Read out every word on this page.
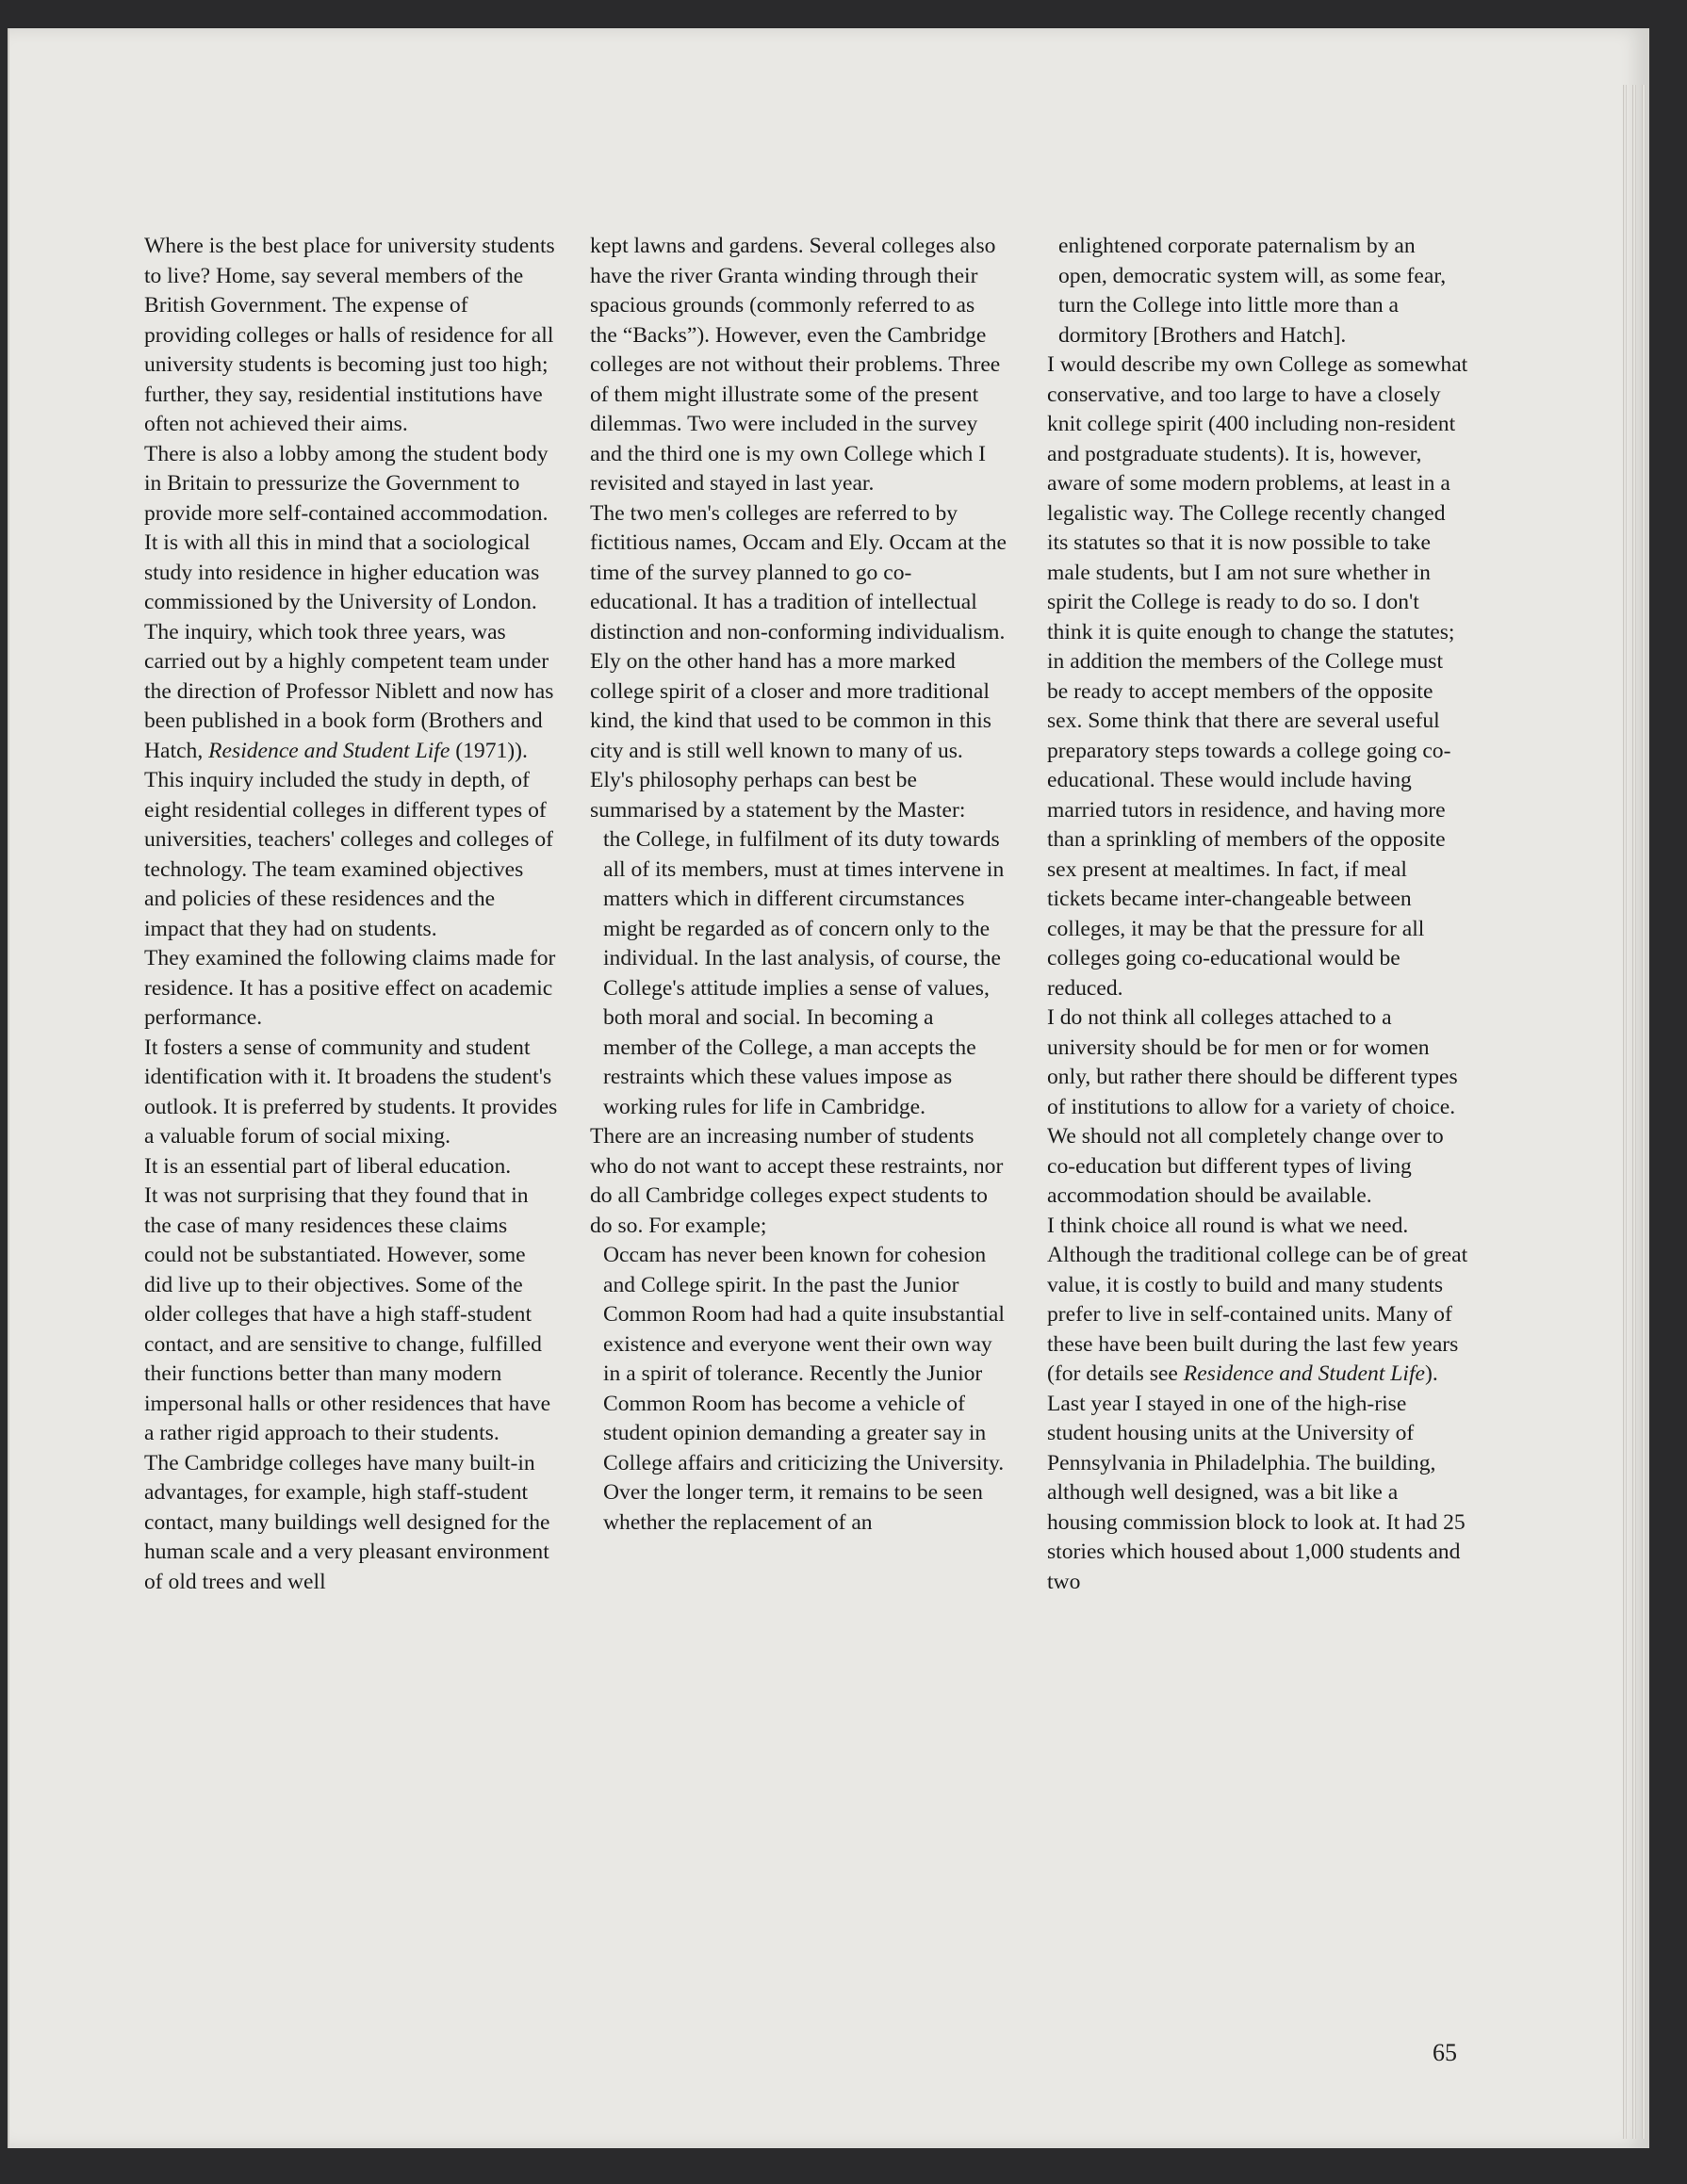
Where is the best place for university students to live? Home, say several members of the British Government. The expense of providing colleges or halls of residence for all university students is becoming just too high; further, they say, residential institutions have often not achieved their aims.

There is also a lobby among the student body in Britain to pressurize the Government to provide more self-contained accommodation. It is with all this in mind that a sociological study into residence in higher education was commissioned by the University of London. The inquiry, which took three years, was carried out by a highly competent team under the direction of Professor Niblett and now has been published in a book form (Brothers and Hatch, Residence and Student Life (1971)).

This inquiry included the study in depth, of eight residential colleges in different types of universities, teachers' colleges and colleges of technology. The team examined objectives and policies of these residences and the impact that they had on students.

They examined the following claims made for residence. It has a positive effect on academic performance.

It fosters a sense of community and student identification with it. It broadens the student's outlook. It is preferred by students. It provides a valuable forum of social mixing.

It is an essential part of liberal education.

It was not surprising that they found that in the case of many residences these claims could not be substantiated. However, some did live up to their objectives. Some of the older colleges that have a high staff-student contact, and are sensitive to change, fulfilled their functions better than many modern impersonal halls or other residences that have a rather rigid approach to their students.

The Cambridge colleges have many built-in advantages, for example, high staff-student contact, many buildings well designed for the human scale and a very pleasant environment of old trees and well

kept lawns and gardens. Several colleges also have the river Granta winding through their spacious grounds (commonly referred to as the “Backs”). However, even the Cambridge colleges are not without their problems. Three of them might illustrate some of the present dilemmas. Two were included in the survey and the third one is my own College which I revisited and stayed in last year.

The two men's colleges are referred to by fictitious names, Occam and Ely. Occam at the time of the survey planned to go co-educational. It has a tradition of intellectual distinction and non-conforming individualism. Ely on the other hand has a more marked college spirit of a closer and more traditional kind, the kind that used to be common in this city and is still well known to many of us. Ely's philosophy perhaps can best be summarised by a statement by the Master:

the College, in fulfilment of its duty towards all of its members, must at times intervene in matters which in different circumstances might be regarded as of concern only to the individual. In the last analysis, of course, the College's attitude implies a sense of values, both moral and social. In becoming a member of the College, a man accepts the restraints which these values impose as working rules for life in Cambridge.

There are an increasing number of students who do not want to accept these restraints, nor do all Cambridge colleges expect students to do so. For example;

Occam has never been known for cohesion and College spirit. In the past the Junior Common Room had had a quite insubstantial existence and everyone went their own way in a spirit of tolerance. Recently the Junior Common Room has become a vehicle of student opinion demanding a greater say in College affairs and criticizing the University. Over the longer term, it remains to be seen whether the replacement of an

enlightened corporate paternalism by an open, democratic system will, as some fear, turn the College into little more than a dormitory [Brothers and Hatch].

I would describe my own College as somewhat conservative, and too large to have a closely knit college spirit (400 including non-resident and postgraduate students). It is, however, aware of some modern problems, at least in a legalistic way. The College recently changed its statutes so that it is now possible to take male students, but I am not sure whether in spirit the College is ready to do so. I don't think it is quite enough to change the statutes; in addition the members of the College must be ready to accept members of the opposite sex. Some think that there are several useful preparatory steps towards a college going co-educational. These would include having married tutors in residence, and having more than a sprinkling of members of the opposite sex present at mealtimes. In fact, if meal tickets became inter-changeable between colleges, it may be that the pressure for all colleges going co-educational would be reduced.

I do not think all colleges attached to a university should be for men or for women only, but rather there should be different types of institutions to allow for a variety of choice. We should not all completely change over to co-education but different types of living accommodation should be available.

I think choice all round is what we need. Although the traditional college can be of great value, it is costly to build and many students prefer to live in self-contained units. Many of these have been built during the last few years (for details see Residence and Student Life). Last year I stayed in one of the high-rise student housing units at the University of Pennsylvania in Philadelphia. The building, although well designed, was a bit like a housing commission block to look at. It had 25 stories which housed about 1,000 students and two

65
